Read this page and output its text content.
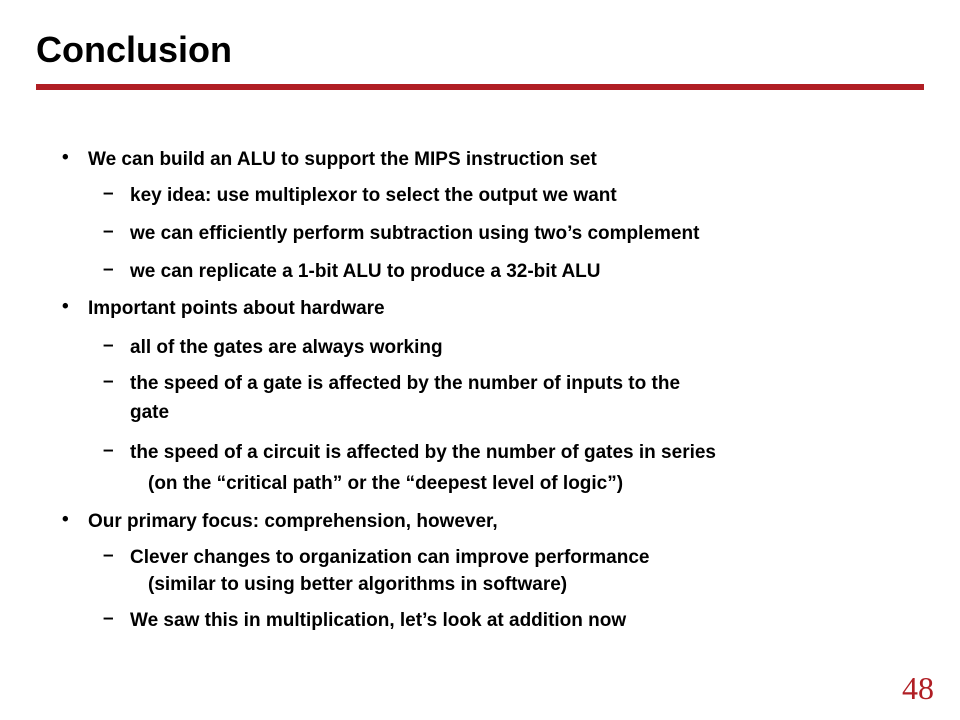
Conclusion
• We can build an ALU to support the MIPS instruction set
– key idea: use multiplexor to select the output we want
– we can efficiently perform subtraction using two’s complement
– we can replicate a 1-bit ALU to produce a 32-bit ALU
• Important points about hardware
– all of the gates are always working
– the speed of a gate is affected by the number of inputs to the
gate
– the speed of a circuit is affected by the number of gates in series
(on the “critical path” or the “deepest level of logic”)
• Our primary focus: comprehension, however,
– Clever changes to organization can improve performance
(similar to using better algorithms in software)
– We saw this in multiplication, let’s look at addition now
48
